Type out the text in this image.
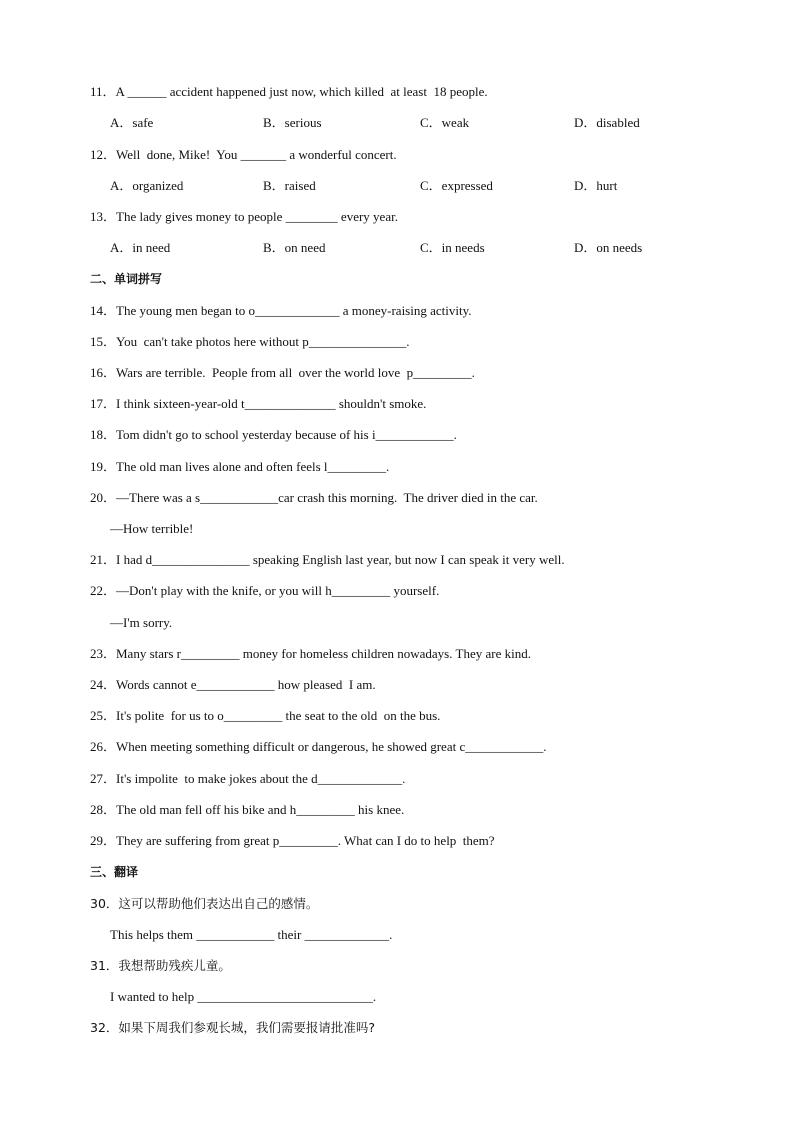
11．A ______ accident happened just now, which killed  at least  18 people.
A．safe	B．serious	C．weak	D．disabled
12．Well  done, Mike!  You _______ a wonderful concert.
A．organized	B．raised	C．expressed	D．hurt
13．The lady gives money to people ________ every year.
A．in need	B．on need	C．in needs	D．on needs
二、单词拼写
14．The young men began to o_____________ a money-raising activity.
15．You  can't take photos here without p_______________.
16．Wars are terrible.  People from all  over the world love  p_________.
17．I think sixteen-year-old t______________ shouldn't smoke.
18．Tom didn't go to school yesterday because of his i____________.
19．The old man lives alone and often feels l_________.
20．—There was a s____________car crash this morning.  The driver died in the car.
—How terrible!
21．I had d_______________ speaking English last year, but now I can speak it very well.
22．—Don't play with the knife, or you will h_________ yourself.
—I'm sorry.
23．Many stars r_________ money for homeless children nowadays. They are kind.
24．Words cannot e____________ how pleased  I am.
25．It's polite  for us to o_________ the seat to the old  on the bus.
26．When meeting something difficult or dangerous, he showed great c____________.
27．It's impolite  to make jokes about the d_____________.
28．The old man fell off his bike and h_________ his knee.
29．They are suffering from great p_________. What can I do to help  them?
三、翻译
30．这可以帮助他们表达出自己的感情。
This helps them ____________ their _____________.
31．我想帮助残疾儿童。
I wanted to help ___________________________.
32．如果下周我们参观长城，我们需要报请批准吗?
